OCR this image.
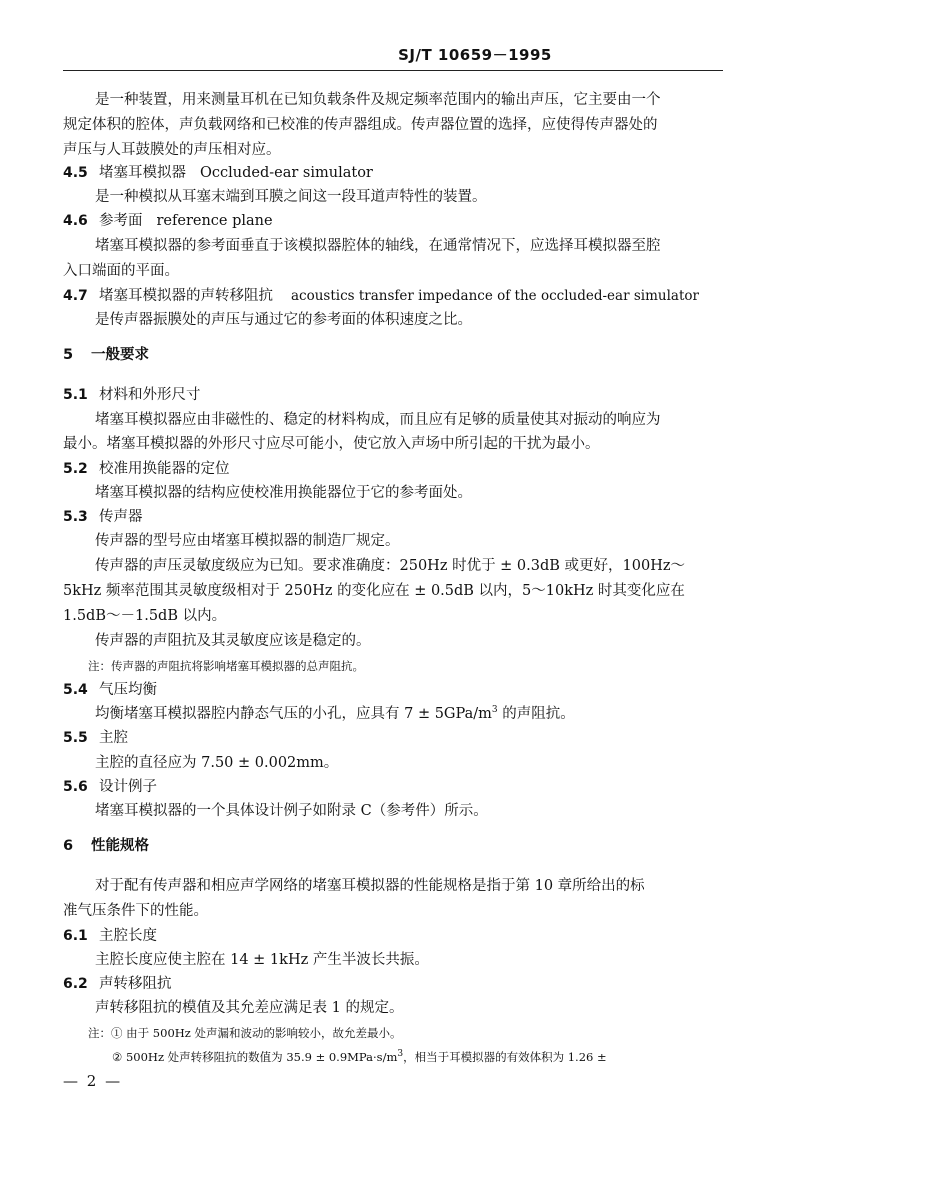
SJ/T 10659－1995
是一种装置，用来测量耳机在已知负载条件及规定频率范围内的输出声压，它主要由一个
规定体积的腔体，声负载网络和已校准的传声器组成。传声器位置的选择，应使得传声器处的
声压与人耳鼓膜处的声压相对应。
4.5 堵塞耳模拟器 Occluded-ear simulator
是一种模拟从耳塞末端到耳膜之间这一段耳道声特性的装置。
4.6 参考面 reference plane
堵塞耳模拟器的参考面垂直于该模拟器腔体的轴线，在通常情况下，应选择耳模拟器至腔
入口端面的平面。
4.7 堵塞耳模拟器的声转移阻抗 acoustics transfer impedance of the occluded-ear simulator
是传声器振膜处的声压与通过它的参考面的体积速度之比。
5 一般要求
5.1 材料和外形尺寸
堵塞耳模拟器应由非磁性的、稳定的材料构成，而且应有足够的质量使其对振动的响应为
最小。堵塞耳模拟器的外形尺寸应尽可能小，使它放入声场中所引起的干扰为最小。
5.2 校准用换能器的定位
堵塞耳模拟器的结构应使校准用换能器位于它的参考面处。
5.3 传声器
传声器的型号应由堵塞耳模拟器的制造厂规定。
传声器的声压灵敏度级应为已知。要求准确度：250Hz 时优于 ± 0.3dB 或更好，100Hz～
5kHz 频率范围其灵敏度级相对于 250Hz 的变化应在 ± 0.5dB 以内，5～10kHz 时其变化应在
1.5dB～－1.5dB 以内。
传声器的声阻抗及其灵敏度应该是稳定的。
注：传声器的声阻抗将影响堵塞耳模拟器的总声阻抗。
5.4 气压均衡
均衡堵塞耳模拟器腔内静态气压的小孔，应具有 $7 \pm 5GPa/m^3$ 的声阻抗。
5.5 主腔
主腔的直径应为 7.50 ± 0.002mm。
5.6 设计例子
堵塞耳模拟器的一个具体设计例子如附录 C（参考件）所示。
6 性能规格
对于配有传声器和相应声学网络的堵塞耳模拟器的性能规格是指于第 10 章所给出的标
准气压条件下的性能。
6.1 主腔长度
主腔长度应使主腔在 14 ± 1kHz 产生半波长共振。
6.2 声转移阻抗
声转移阻抗的模值及其允差应满足表 1 的规定。
注：① 由于 500Hz 处声漏和波动的影响较小，故允差最小。
② 500Hz 处声转移阻抗的数值为 $35.9 \pm 0.9MPa\cdot s/m^3$，相当于耳模拟器的有效体积为 1.26 ±
— 2 —
